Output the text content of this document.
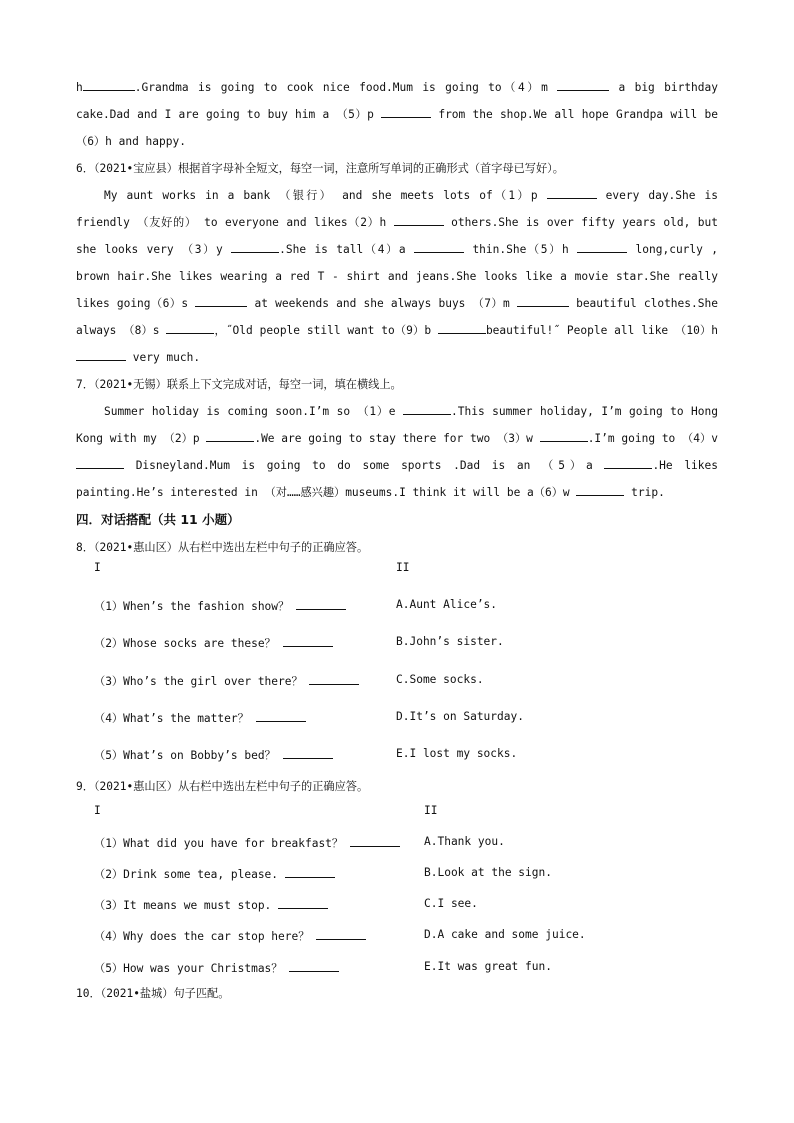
h	.Grandma is going to cook nice food.Mum is going to（4）m	a big birthday cake.Dad and I are going to buy him a （5）p	from the shop.We all hope Grandpa will be（6）h and happy.
6．（2021•宝应县）根据首字母补全短文，每空一词，注意所写单词的正确形式（首字母已写好）。
My aunt works in a bank （银行） and she meets lots of（1）p	every day.She is friendly （友好的） to everyone and likes（2）h	others.She is over fifty years old, but she looks very （3）y	.She is tall（4）a	thin.She（5）h	long,curly , brown hair.She likes wearing a red T - shirt and jeans.She looks like a movie star.She really likes going（6）s	at weekends and she always buys （7）m	beautiful clothes.She always （8）s	，˝Old people still want to（9）b	beautiful!˝ People all like （10）h  very much.
7．（2021•无锡）联系上下文完成对话，每空一词，填在横线上。
Summer holiday is coming soon.I’m so （1）e	.This summer holiday, I’m going to Hong Kong with my （2）p	.We are going to stay there for two （3）w	.I’m going to （4）v  Disneyland.Mum is going to do some sports .Dad is an （5）a	.He likes painting.He’s interested in （对……感兴趣）museums.I think it will be a（6）w	trip.
四．对话搭配（共 11 小题）
8．（2021•惠山区）从右栏中选出左栏中句子的正确应答。
I	II
（1）When’s the fashion show？	A.Aunt Alice’s.
（2）Whose socks are these？	B.John’s sister.
（3）Who’s the girl over there？	C.Some socks.
（4）What’s the matter？	D.It’s on Saturday.
（5）What’s on Bobby’s bed？	E.I lost my socks.
9．（2021•惠山区）从右栏中选出左栏中句子的正确应答。
I	II
（1）What did you have for breakfast？	A.Thank you.
（2）Drink some tea, please.	B.Look at the sign.
（3）It means we must stop.	C.I see.
（4）Why does the car stop here？	D.A cake and some juice.
（5）How was your Christmas？	E.It was great fun.
10．（2021•盐城）句子匹配。
